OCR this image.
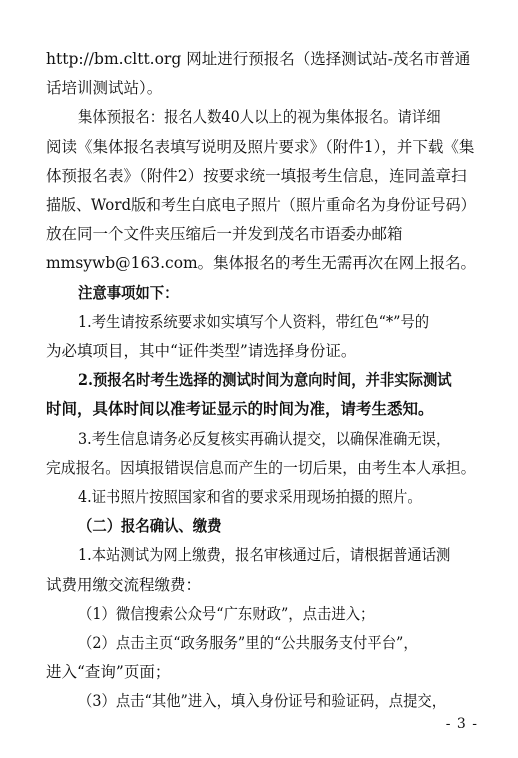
http://bm.cltt.org 网址进行预报名（选择测试站-茂名市普通
话培训测试站）。
集体预报名：报名人数40人以上的视为集体报名。请详细
阅读《集体报名表填写说明及照片要求》（附件1），并下载《集
体预报名表》（附件2）按要求统一填报考生信息，连同盖章扫
描版、Word版和考生白底电子照片（照片重命名为身份证号码）
放在同一个文件夹压缩后一并发到茂名市语委办邮箱
mmsywb@163.com。集体报名的考生无需再次在网上报名。
注意事项如下：
1.考生请按系统要求如实填写个人资料，带红色“*”号的
为必填项目，其中“证件类型”请选择身份证。
2.预报名时考生选择的测试时间为意向时间，并非实际测试
时间，具体时间以准考证显示的时间为准，请考生悉知。
3.考生信息请务必反复核实再确认提交，以确保准确无误，
完成报名。因填报错误信息而产生的一切后果，由考生本人承担。
4.证书照片按照国家和省的要求采用现场拍摄的照片。
（二）报名确认、缴费
1.本站测试为网上缴费，报名审核通过后，请根据普通话测
试费用缴交流程缴费：
（1）微信搜索公众号“广东财政”，点击进入；
（2）点击主页“政务服务”里的“公共服务支付平台”，
进入“查询”页面；
（3）点击“其他”进入，填入身份证号和验证码，点提交，
- 3 -
